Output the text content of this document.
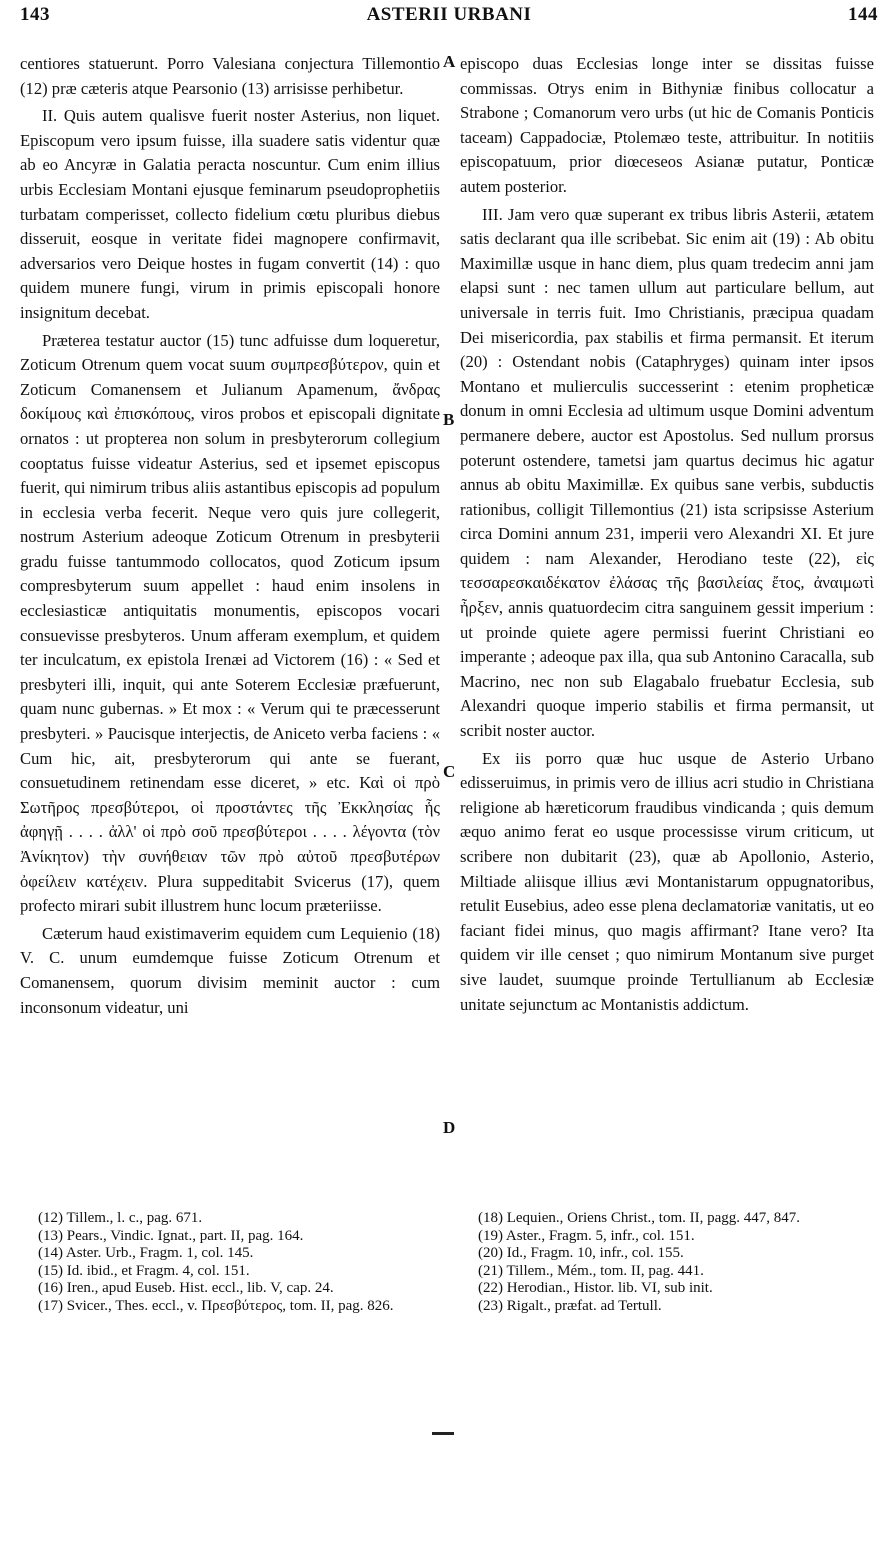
143	ASTERII URBANI	144

centiores statuerunt. Porro Valesiana conjectura Tillemontio (12) præ cæteris atque Pearsonio (13) arrisisse perhibetur.

II. Quis autem qualisve fuerit noster Asterius, non liquet. Episcopum vero ipsum fuisse, illa suadere satis videntur quæ ab eo Ancyræ in Galatia peracta noscuntur. Cum enim illius urbis Ecclesiam Montani ejusque feminarum pseudoprophetiis turbatam comperisset, collecto fidelium cœtu pluribus diebus disseruit, eosque in veritate fidei magnopere confirmavit, adversarios vero Deique hostes in fugam convertit (14) : quo quidem munere fungi, virum in primis episcopali honore insignitum decebat.

Præterea testatur auctor (15) tunc adfuisse dum loqueretur, Zoticum Otrenum quem vocat suum συμπρεσβύτερον, quin et Zoticum Comanensem et Julianum Apamenum, ἄνδρας δοκίμους καὶ ἐπισκόπους, viros probos et episcopali dignitate ornatos : ut propterea non solum in presbyterorum collegium cooptatus fuisse videatur Asterius, sed et ipsemet episcopus fuerit, qui nimirum tribus aliis astantibus episcopis ad populum in ecclesia verba fecerit. Neque vero quis jure collegerit, nostrum Asterium adeoque Zoticum Otrenum in presbyterii gradu fuisse tantummodo collocatos, quod Zoticum ipsum compresbyterum suum appellet : haud enim insolens in ecclesiasticæ antiquitatis monumentis, episcopos vocari consuevisse presbyteros. Unum afferam exemplum, et quidem ter inculcatum, ex epistola Irenæi ad Victorem (16) : « Sed et presbyteri illi, inquit, qui ante Soterem Ecclesiæ præfuerunt, quam nunc gubernas. » Et mox : « Verum qui te præcesserunt presbyteri. » Paucisque interjectis, de Aniceto verba faciens : « Cum hic, ait, presbyterorum qui ante se fuerant, consuetudinem retinendam esse diceret, » etc. Καὶ οἱ πρὸ Σωτῆρος πρεσβύτεροι, οἱ προστάντες τῆς Ἐκκλησίας ἧς ἀφηγῇ . . . . ἀλλ' οἱ πρὸ σοῦ πρεσβύτεροι . . . . λέγοντα (τὸν Ἀνίκητον) τὴν συνήθειαν τῶν πρὸ αὐτοῦ πρεσβυτέρων ὀφείλειν κατέχειν. Plura suppeditabit Svicerus (17), quem profecto mirari subit illustrem hunc locum præteriisse.

Cæterum haud existimaverim equidem cum Lequienio (18) V. C. unum eumdemque fuisse Zoticum Otrenum et Comanensem, quorum divisim meminit auctor : cum inconsonum videatur, uni

A
B
C
D

episcopo duas Ecclesias longe inter se dissitas fuisse commissas. Otrys enim in Bithyniæ finibus collocatur a Strabone ; Comanorum vero urbs (ut hic de Comanis Ponticis taceam) Cappadociæ, Ptolemæo teste, attribuitur. In notitiis episcopatuum, prior diœceseos Asianæ putatur, Ponticæ autem posterior.

III. Jam vero quæ superant ex tribus libris Asterii, ætatem satis declarant qua ille scribebat. Sic enim ait (19) : Ab obitu Maximillæ usque in hanc diem, plus quam tredecim anni jam elapsi sunt : nec tamen ullum aut particulare bellum, aut universale in terris fuit. Imo Christianis, præcipua quadam Dei misericordia, pax stabilis et firma permansit. Et iterum (20) : Ostendant nobis (Cataphryges) quinam inter ipsos Montano et mulierculis successerint : etenim propheticæ donum in omni Ecclesia ad ultimum usque Domini adventum permanere debere, auctor est Apostolus. Sed nullum prorsus poterunt ostendere, tametsi jam quartus decimus hic agatur annus ab obitu Maximillæ. Ex quibus sane verbis, subductis rationibus, colligit Tillemontius (21) ista scripsisse Asterium circa Domini annum 231, imperii vero Alexandri XI. Et jure quidem : nam Alexander, Herodiano teste (22), εἰς τεσσαρεσκαιδέκατον ἐλάσας τῆς βασιλείας ἔτος, ἀναιμωτὶ ἦρξεν, annis quatuordecim citra sanguinem gessit imperium : ut proinde quiete agere permissi fuerint Christiani eo imperante ; adeoque pax illa, qua sub Antonino Caracalla, sub Macrino, nec non sub Elagabalo fruebatur Ecclesia, sub Alexandri quoque imperio stabilis et firma permansit, ut scribit noster auctor.

Ex iis porro quæ huc usque de Asterio Urbano edisseruimus, in primis vero de illius acri studio in Christiana religione ab hæreticorum fraudibus vindicanda ; quis demum æquo animo ferat eo usque processisse virum criticum, ut scribere non dubitarit (23), quæ ab Apollonio, Asterio, Miltiade aliisque illius ævi Montanistarum oppugnatoribus, retulit Eusebius, adeo esse plena declamatoriæ vanitatis, ut eo faciant fidei minus, quo magis affirmant? Itane vero? Ita quidem vir ille censet ; quo nimirum Montanum sive purget sive laudet, suumque proinde Tertullianum ab Ecclesiæ unitate sejunctum ac Montanistis addictum.

(12) Tillem., l. c., pag. 671.

(13) Pears., Vindic. Ignat., part. II, pag. 164.

(14) Aster. Urb., Fragm. 1, col. 145.

(15) Id. ibid., et Fragm. 4, col. 151.

(16) Iren., apud Euseb. Hist. eccl., lib. V, cap. 24.

(17) Svicer., Thes. eccl., v. Πρεσβύτερος, tom. II, pag. 826.

(18) Lequien., Oriens Christ., tom. II, pagg. 447, 847.

(19) Aster., Fragm. 5, infr., col. 151.

(20) Id., Fragm. 10, infr., col. 155.

(21) Tillem., Mém., tom. II, pag. 441.

(22) Herodian., Histor. lib. VI, sub init.

(23) Rigalt., præfat. ad Tertull.
